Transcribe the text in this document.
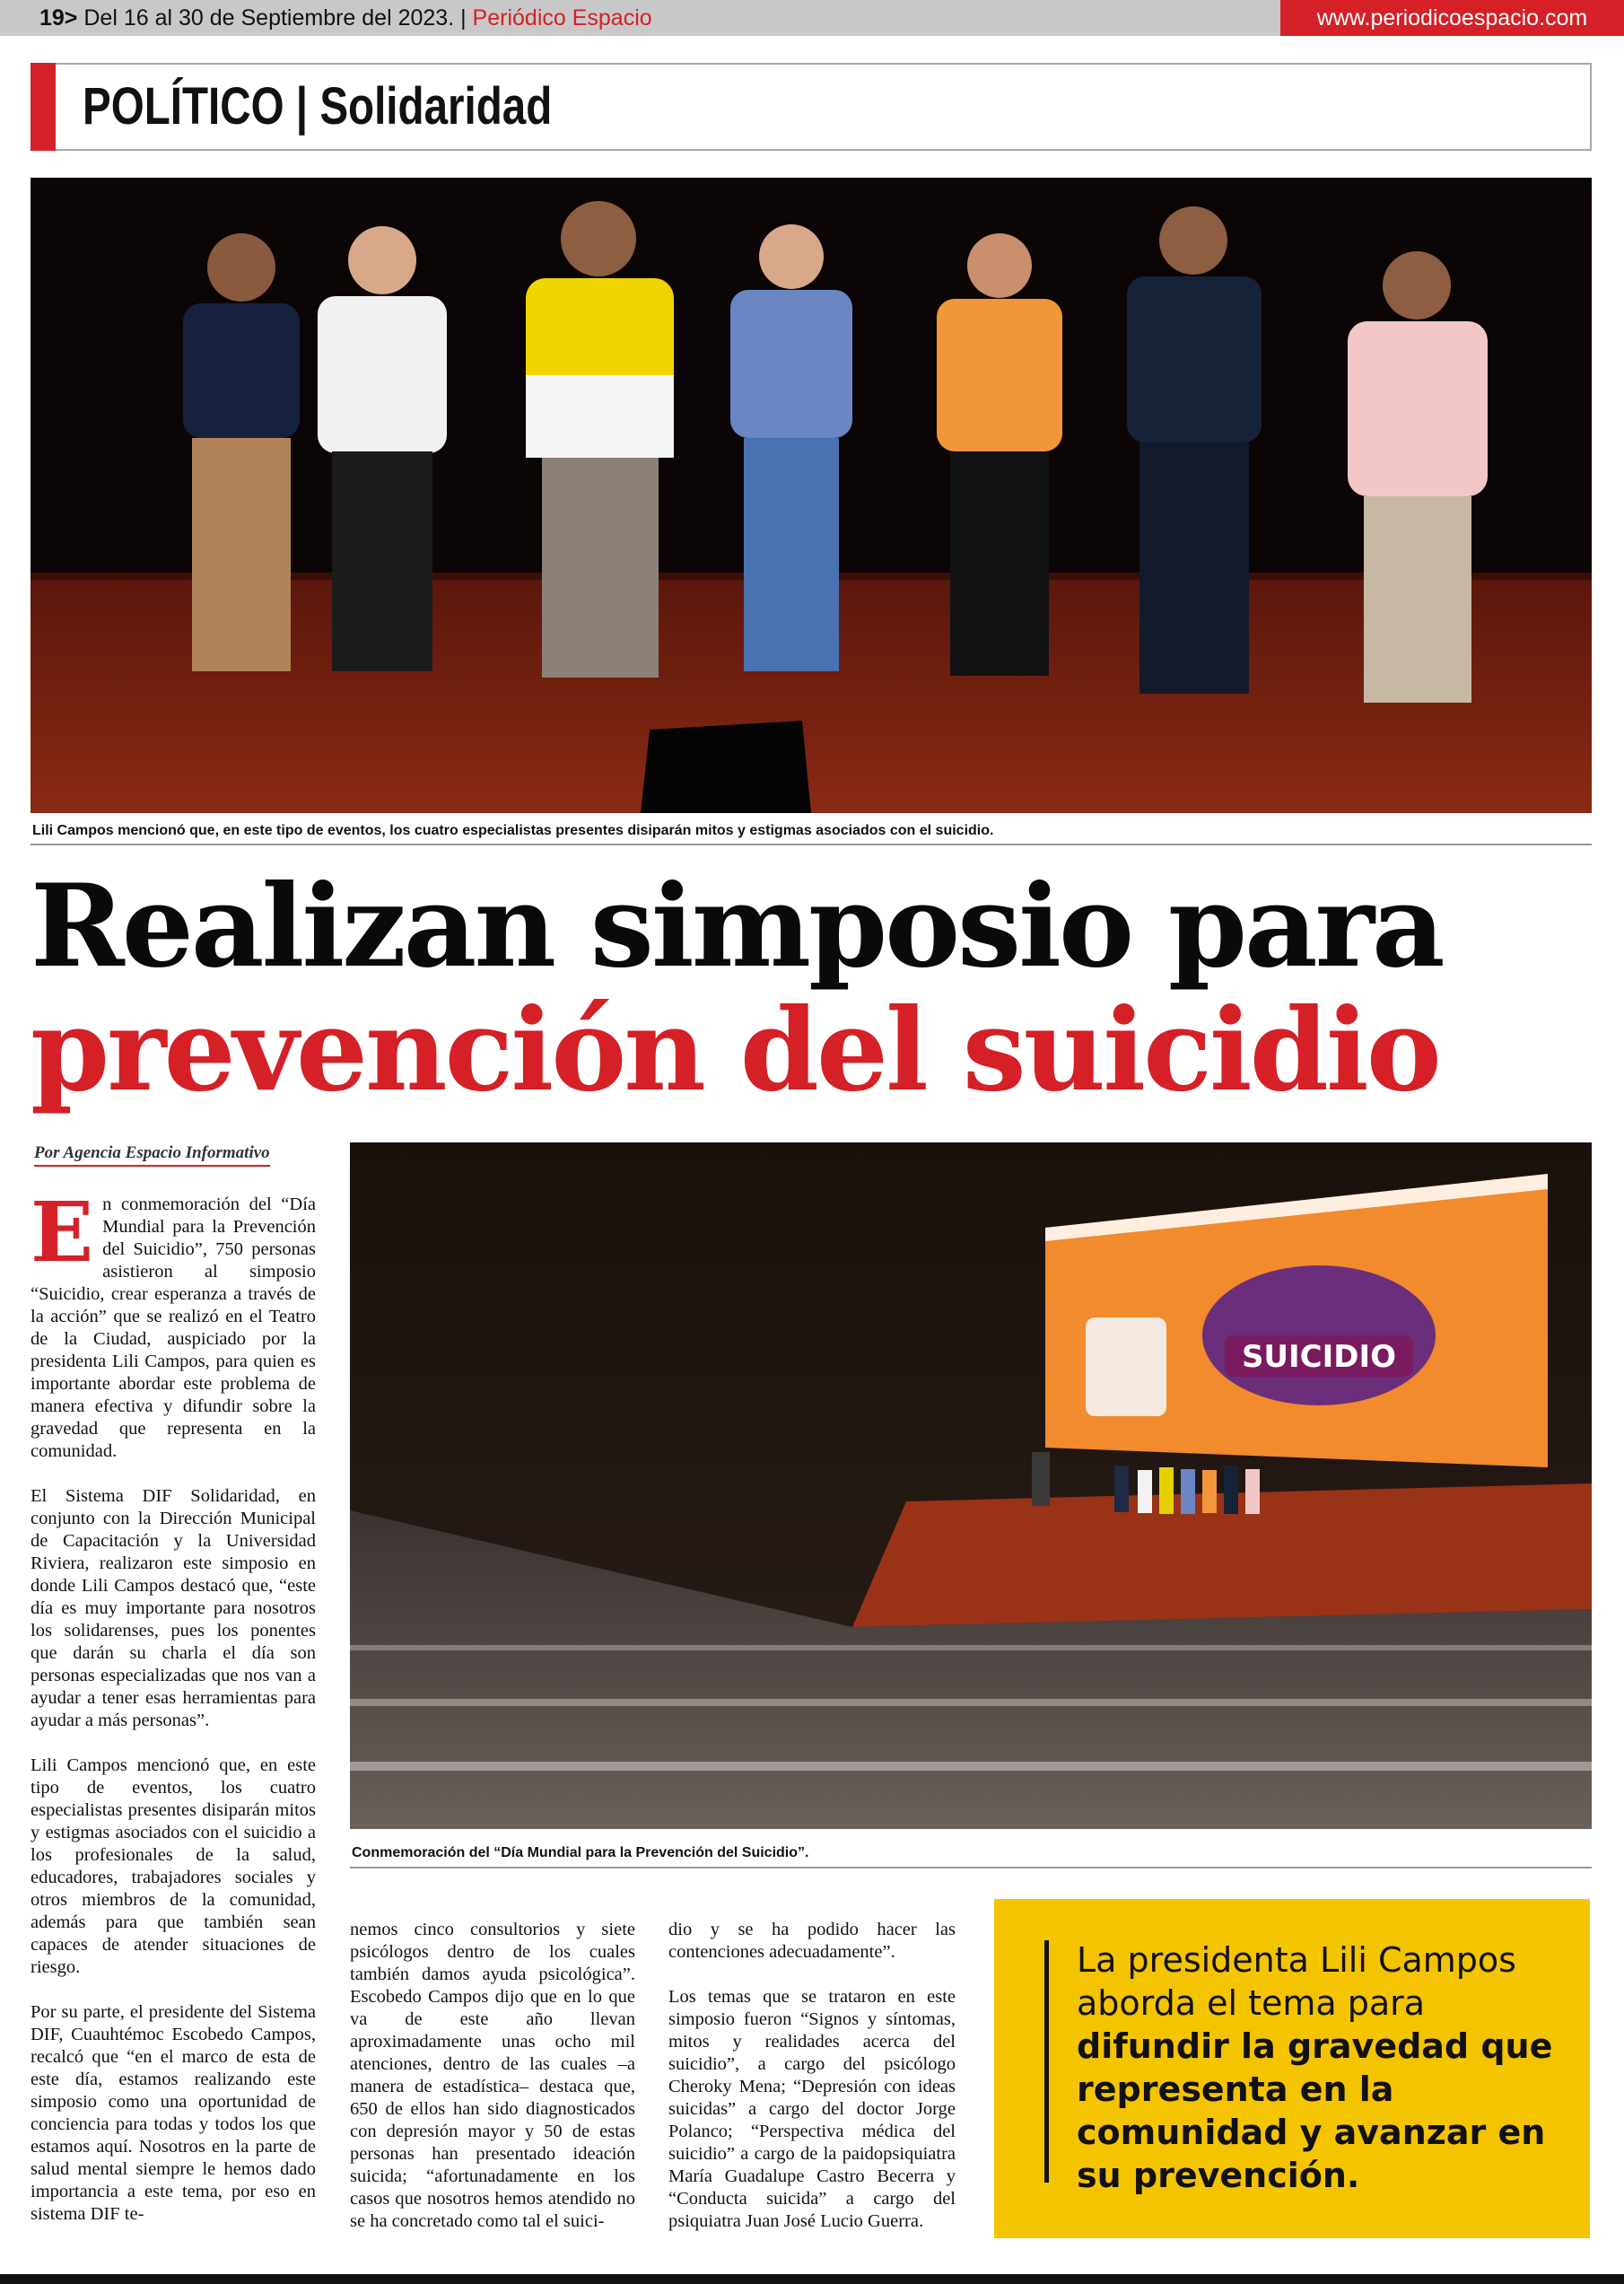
19> Del 16 al 30 de Septiembre del 2023. | Periódico Espacio	www.periodicoespacio.com
POLÍTICO | Solidaridad
Lili Campos mencionó que, en este tipo de eventos, los cuatro especialistas presentes disiparán mitos y estigmas asociados con el suicidio.
Realizan simposio para
prevención del suicidio
Por Agencia Espacio Informativo
SUICIDIO
Conmemoración del “Día Mundial para la Prevención del Suicidio”.

En conmemoración del “Día Mundial para la Prevención del Suicidio”, 750 personas asistieron al simposio “Suicidio, crear esperanza a través de la acción” que se realizó en el Teatro de la Ciudad, auspiciado por la presidenta Lili Campos, para quien es importante abordar este problema de manera efectiva y difundir sobre la gravedad que representa en la comunidad.

El Sistema DIF Solidaridad, en conjunto con la Dirección Municipal de Capacitación y la Universidad Riviera, realizaron este simposio en donde Lili Campos destacó que, “este día es muy importante para nosotros los solidarenses, pues los ponentes que darán su charla el día son personas especializadas que nos van a ayudar a tener esas herramientas para ayudar a más personas”.

Lili Campos mencionó que, en este tipo de eventos, los cuatro especialistas presentes disiparán mitos y estigmas asociados con el suicidio a los profesionales de la salud, educadores, trabajadores sociales y otros miembros de la comunidad, además para que también sean capaces de atender situaciones de riesgo.

Por su parte, el presidente del Sistema DIF, Cuauhtémoc Escobedo Campos, recalcó que “en el marco de esta de este día, estamos realizando este simposio como una oportunidad de conciencia para todas y todos los que estamos aquí. Nosotros en la parte de salud mental siempre le hemos dado importancia a este tema, por eso en sistema DIF te-

nemos cinco consultorios y siete psicólogos dentro de los cuales también damos ayuda psicológica”. Escobedo Campos dijo que en lo que va de este año llevan aproximadamente unas ocho mil atenciones, dentro de las cuales –a manera de estadística– destaca que, 650 de ellos han sido diagnosticados con depresión mayor y 50 de estas personas han presentado ideación suicida; “afortunadamente en los casos que nosotros hemos atendido no se ha concretado como tal el suici-

dio y se ha podido hacer las contenciones adecuadamente”.

Los temas que se trataron en este simposio fueron “Signos y síntomas, mitos y realidades acerca del suicidio”, a cargo del psicólogo Cheroky Mena; “Depresión con ideas suicidas” a cargo del doctor Jorge Polanco; “Perspectiva médica del suicidio” a cargo de la paidopsiquiatra María Guadalupe Castro Becerra y “Conducta suicida” a cargo del psiquiatra Juan José Lucio Guerra.

La presidenta Lili Campos aborda el tema para difundir la gravedad que representa en la comunidad y avanzar en su prevención.
